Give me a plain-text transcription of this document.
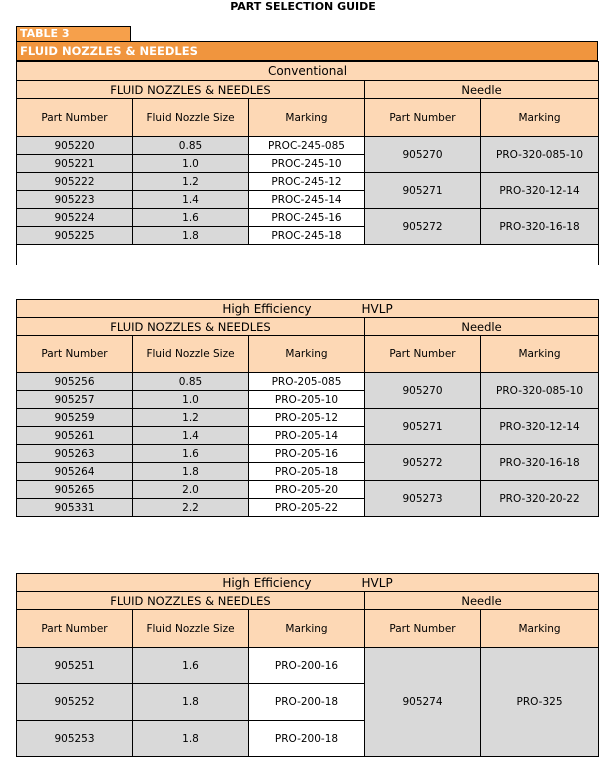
PART SELECTION GUIDE
TABLE 3
FLUID NOZZLES & NEEDLES
Conventional				
FLUID NOZZLES & NEEDLES			Needle	
Part Number	Fluid Nozzle Size	Marking	Part Number	Marking
905220	0.85	PROC-245-085	905270	PRO-320-085-10
905221	1.0	PROC-245-10		
905222	1.2	PROC-245-12	905271	PRO-320-12-14
905223	1.4	PROC-245-14		
905224	1.6	PROC-245-16	905272	PRO-320-16-18
905225	1.8	PROC-245-18		

High Efficiency HVLP				
FLUID NOZZLES & NEEDLES			Needle	
Part Number	Fluid Nozzle Size	Marking	Part Number	Marking
905256	0.85	PRO-205-085	905270	PRO-320-085-10
905257	1.0	PRO-205-10		
905259	1.2	PRO-205-12	905271	PRO-320-12-14
905261	1.4	PRO-205-14		
905263	1.6	PRO-205-16	905272	PRO-320-16-18
905264	1.8	PRO-205-18		
905265	2.0	PRO-205-20	905273	PRO-320-20-22
905331	2.2	PRO-205-22		
High Efficiency HVLP				
FLUID NOZZLES & NEEDLES			Needle	
Part Number	Fluid Nozzle Size	Marking	Part Number	Marking
905251	1.6	PRO-200-16	905274	PRO-325
905252	1.8	PRO-200-18		
905253	1.8	PRO-200-18		
